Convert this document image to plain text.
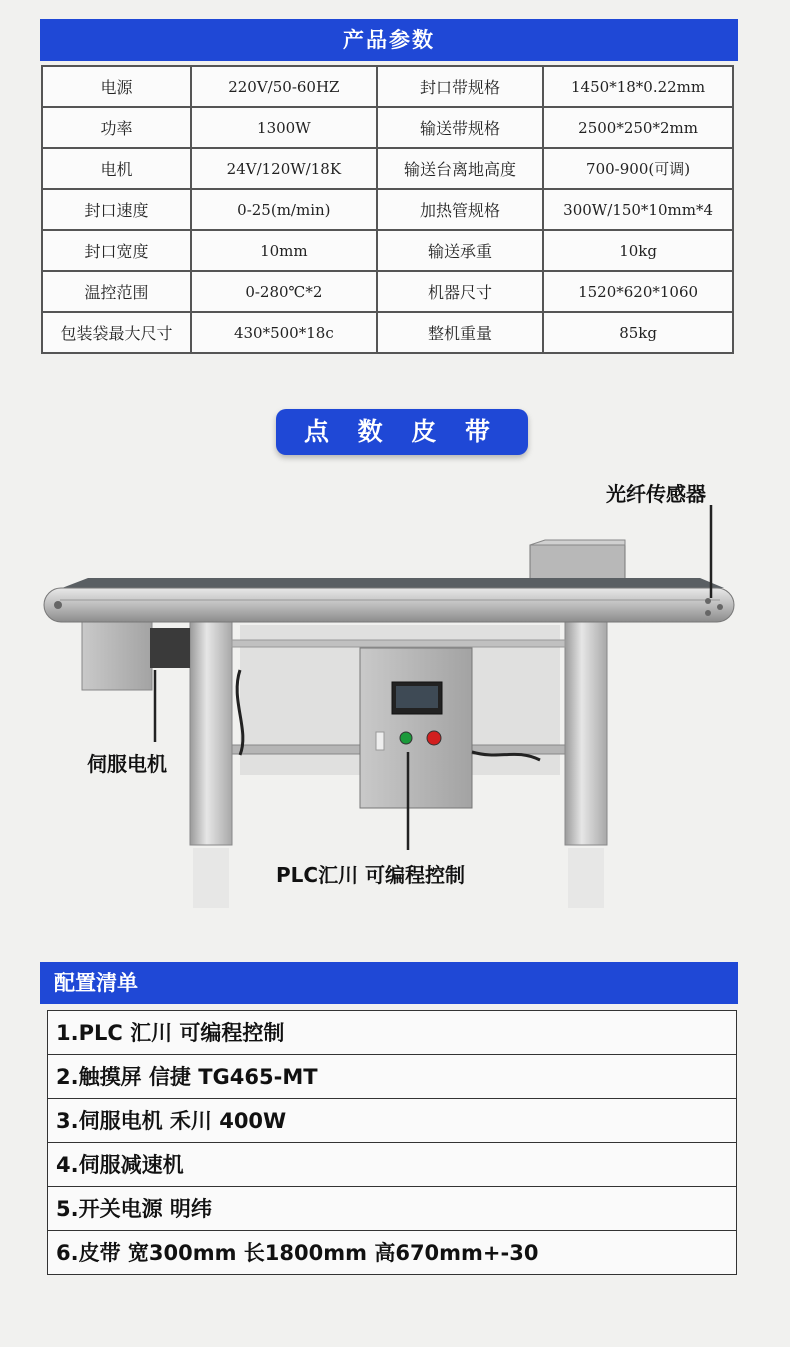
产品参数
电源	220V/50-60HZ	封口带规格	1450*18*0.22mm
功率	1300W	输送带规格	2500*250*2mm
电机	24V/120W/18K	输送台离地高度	700-900(可调)
封口速度	0-25(m/min)	加热管规格	300W/150*10mm*4
封口宽度	10mm	输送承重	10kg
温控范围	0-280℃*2	机器尺寸	1520*620*1060
包装袋最大尺寸	430*500*18c	整机重量	85kg
点 数 皮 带
光纤传感器
伺服电机
PLC汇川 可编程控制
配置清单
1.PLC 汇川 可编程控制
2.触摸屏 信捷 TG465-MT
3.伺服电机 禾川 400W
4.伺服减速机
5.开关电源 明纬
6.皮带 宽300mm 长1800mm 高670mm+-30
